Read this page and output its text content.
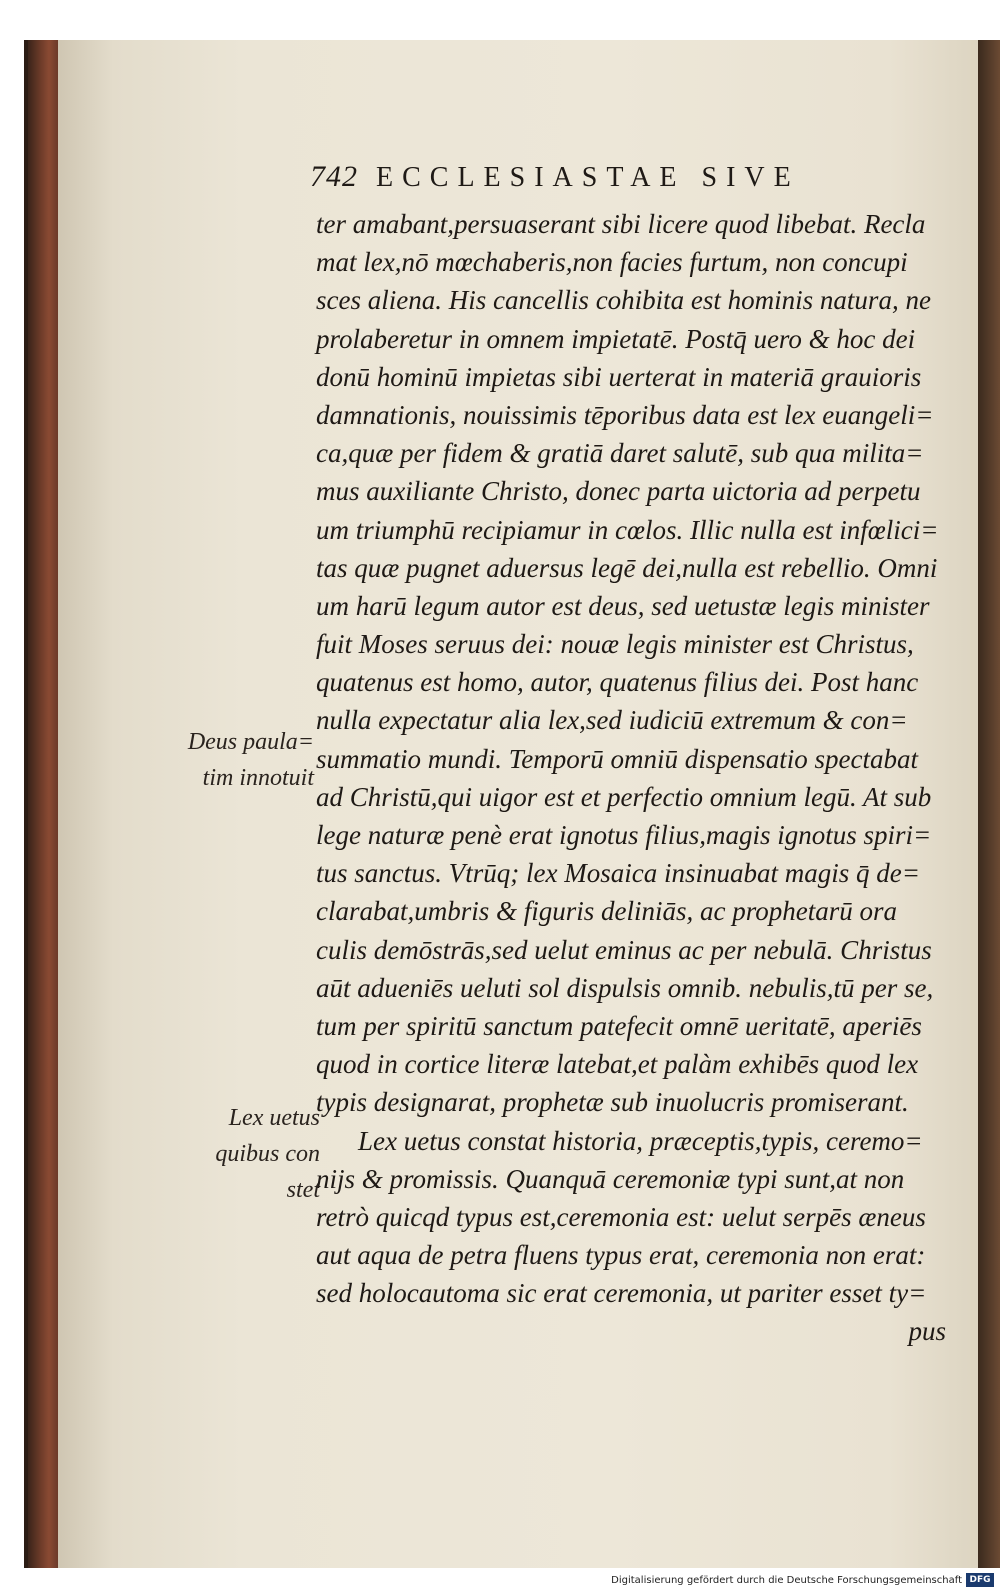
742 ECCLESIASTAE SIVE
ter amabant,persuaserant sibi licere quod libebat. Recla
mat lex,nō mœchaberis,non facies furtum, non concupi
sces aliena. His cancellis cohibita est hominis natura, ne
prolaberetur in omnem impietatē. Postq̄ uero & hoc dei
donū hominū impietas sibi uerterat in materiā grauioris
damnationis, nouissimis tēporibus data est lex euangeli=
ca,quæ per fidem & gratiā daret salutē, sub qua milita=
mus auxiliante Christo, donec parta uictoria ad perpetu
um triumphū recipiamur in cœlos. Illic nulla est infœlici=
tas quæ pugnet aduersus legē dei,nulla est rebellio. Omni
um harū legum autor est deus, sed uetustæ legis minister
fuit Moses seruus dei: nouæ legis minister est Christus,
quatenus est homo, autor, quatenus filius dei. Post hanc
nulla expectatur alia lex,sed iudiciū extremum & con=
summatio mundi. Temporū omniū dispensatio spectabat
ad Christū,qui uigor est et perfectio omnium legū. At sub
lege naturæ penè erat ignotus filius,magis ignotus spiri=
tus sanctus. Vtrūq; lex Mosaica insinuabat magis q̄ de=
clarabat,umbris & figuris deliniās, ac prophetarū ora
culis demōstrās,sed uelut eminus ac per nebulā. Christus
aūt adueniēs ueluti sol dispulsis omnib. nebulis,tū per se,
tum per spiritū sanctum patefecit omnē ueritatē, aperiēs
quod in cortice literæ latebat,et palàm exhibēs quod lex
typis designarat, prophetæ sub inuolucris promiserant.
Lex uetus constat historia, præceptis,typis, ceremo=
nijs & promissis. Quanquā ceremoniæ typi sunt,at non
retrò quicqd typus est,ceremonia est: uelut serpēs æneus
aut aqua de petra fluens typus erat, ceremonia non erat:
sed holocautoma sic erat ceremonia, ut pariter esset ty=
pus
Deus paula=
tim innotuit
Lex uetus
quibus con
stet
Digitalisierung gefördert durch die Deutsche Forschungsgemeinschaft DFG
